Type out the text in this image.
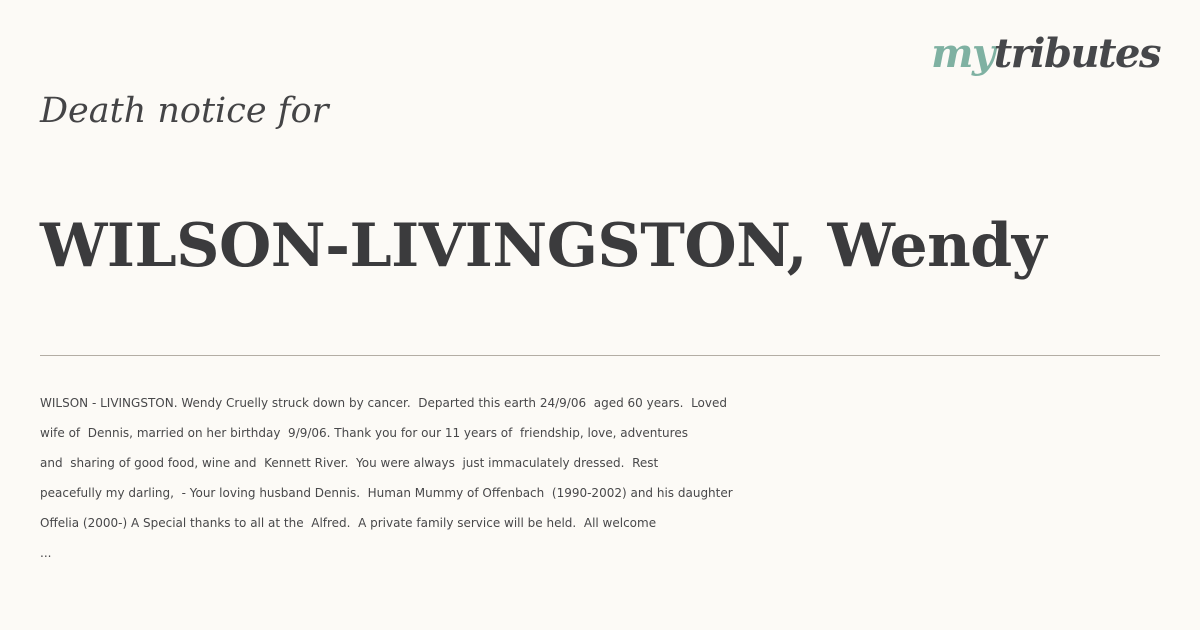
mytributes
Death notice for
WILSON-LIVINGSTON, Wendy
WILSON - LIVINGSTON. Wendy Cruelly struck down by cancer.  Departed this earth 24/9/06  aged 60 years.  Loved
wife of  Dennis, married on her birthday  9/9/06. Thank you for our 11 years of  friendship, love, adventures
and  sharing of good food, wine and  Kennett River.  You were always  just immaculately dressed.  Rest
peacefully my darling,  - Your loving husband Dennis.  Human Mummy of Offenbach  (1990-2002) and his daughter
Offelia (2000-) A Special thanks to all at the  Alfred.  A private family service will be held.  All welcome
...
